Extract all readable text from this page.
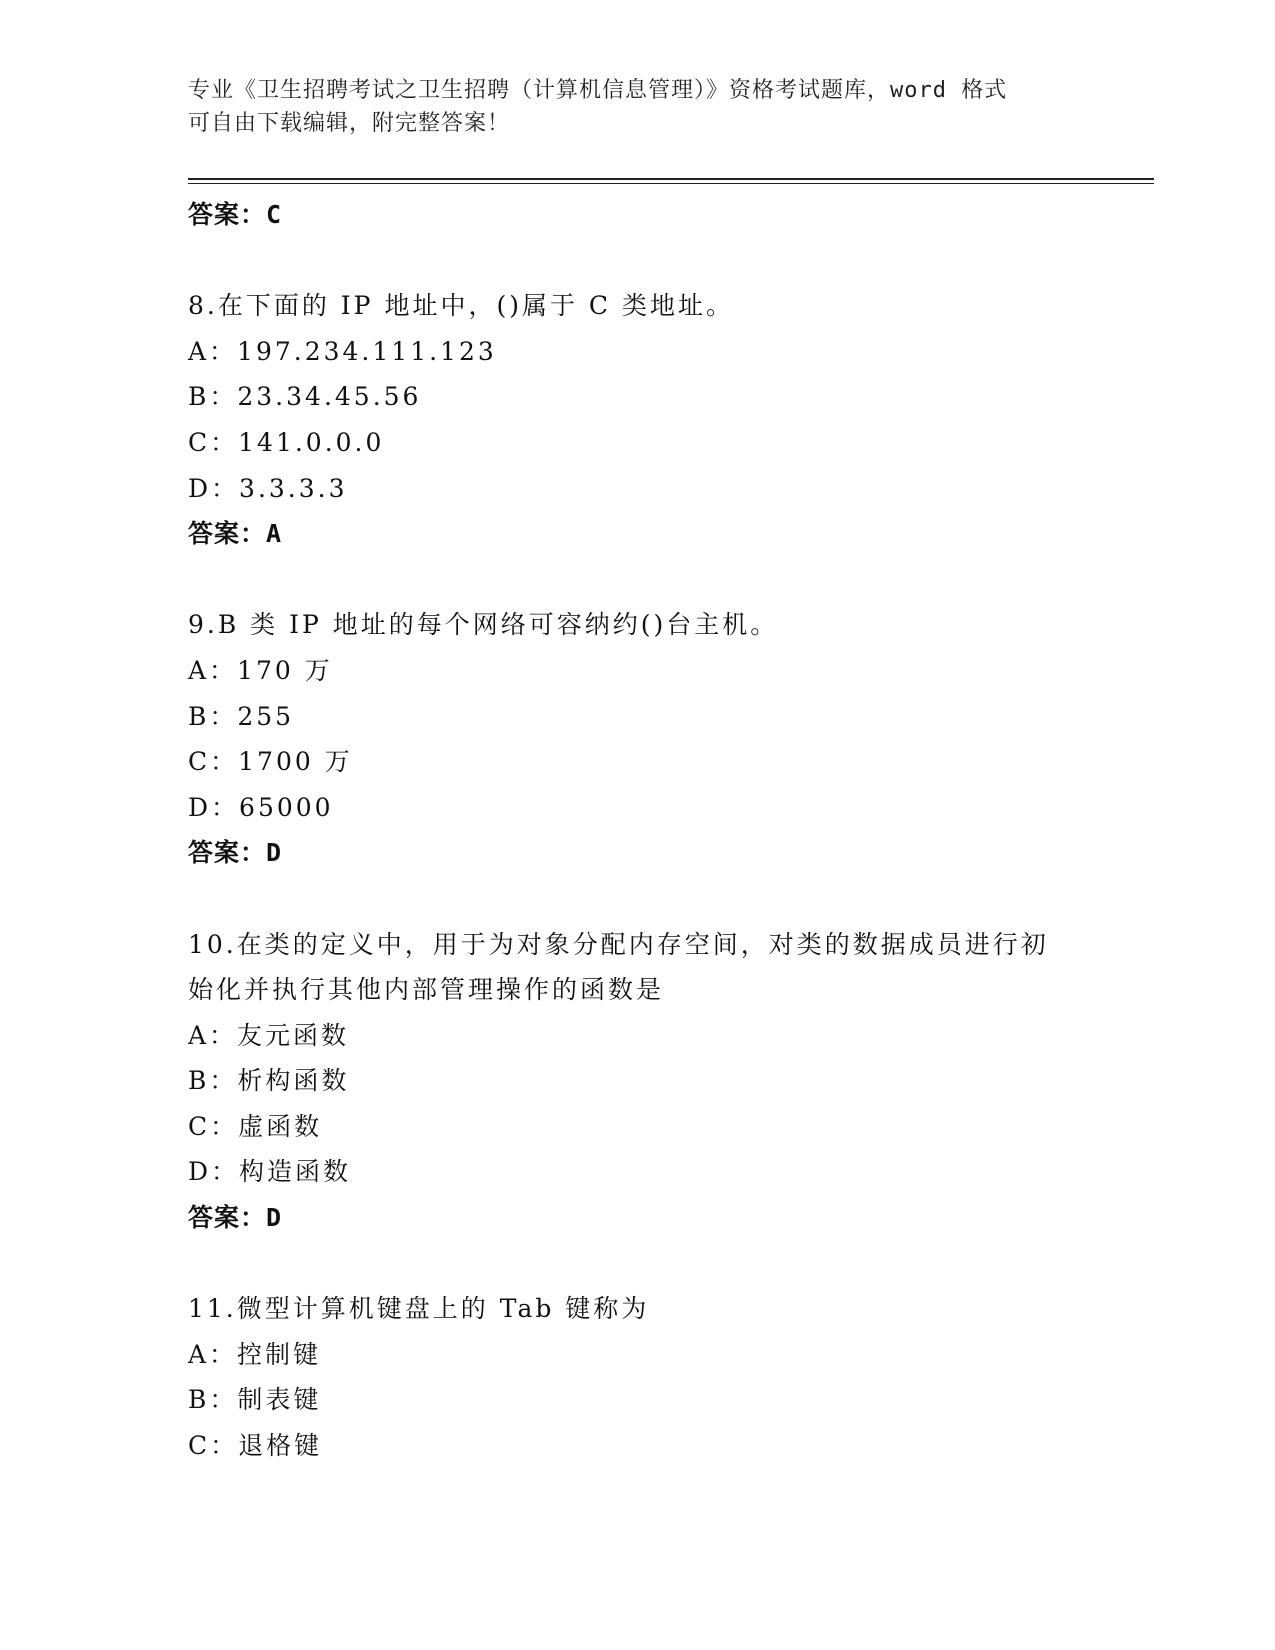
专业《卫生招聘考试之卫生招聘（计算机信息管理）》资格考试题库，word 格式
可自由下载编辑，附完整答案！
答案：C
8.在下面的 IP 地址中，()属于 C 类地址。
A：197.234.111.123
B：23.34.45.56
C：141.0.0.0
D：3.3.3.3
答案：A
9.B 类 IP 地址的每个网络可容纳约()台主机。
A：170 万
B：255
C：1700 万
D：65000
答案：D
10.在类的定义中，用于为对象分配内存空间，对类的数据成员进行初
始化并执行其他内部管理操作的函数是
A：友元函数
B：析构函数
C：虚函数
D：构造函数
答案：D
11.微型计算机键盘上的 Tab 键称为
A：控制键
B：制表键
C：退格键
